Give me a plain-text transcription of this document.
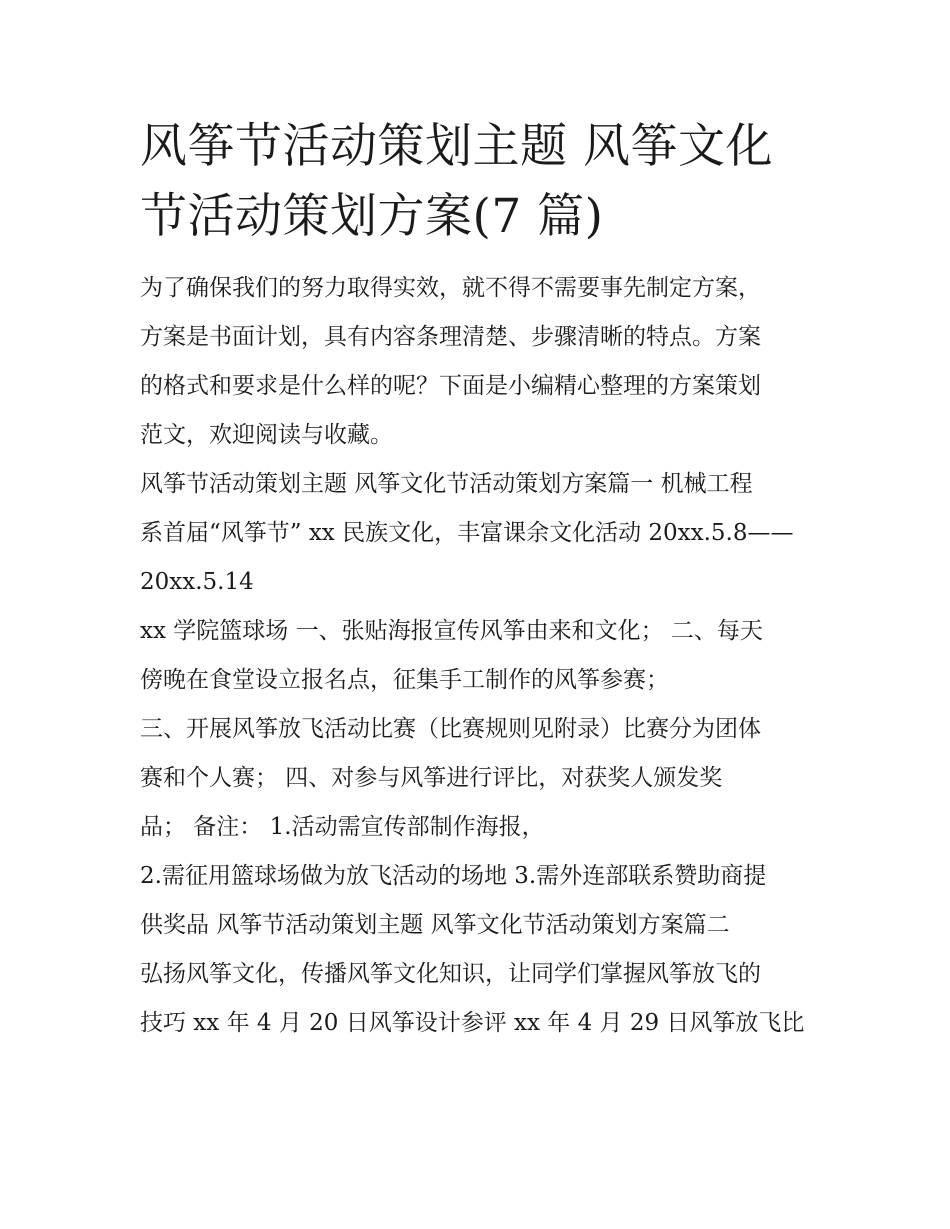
风筝节活动策划主题 风筝文化
节活动策划方案(7 篇)
为了确保我们的努力取得实效，就不得不需要事先制定方案，
方案是书面计划，具有内容条理清楚、步骤清晰的特点。方案
的格式和要求是什么样的呢？下面是小编精心整理的方案策划
范文，欢迎阅读与收藏。
风筝节活动策划主题 风筝文化节活动策划方案篇一 机械工程
系首届“风筝节” xx 民族文化，丰富课余文化活动 20xx.5.8——
20xx.5.14
xx 学院篮球场 一、张贴海报宣传风筝由来和文化； 二、每天
傍晚在食堂设立报名点，征集手工制作的风筝参赛；
三、开展风筝放飞活动比赛（比赛规则见附录）比赛分为团体
赛和个人赛； 四、对参与风筝进行评比，对获奖人颁发奖
品； 备注： 1.活动需宣传部制作海报，
2.需征用篮球场做为放飞活动的场地 3.需外连部联系赞助商提
供奖品 风筝节活动策划主题 风筝文化节活动策划方案篇二
弘扬风筝文化，传播风筝文化知识，让同学们掌握风筝放飞的
技巧 xx 年 4 月 20 日风筝设计参评 xx 年 4 月 29 日风筝放飞比
